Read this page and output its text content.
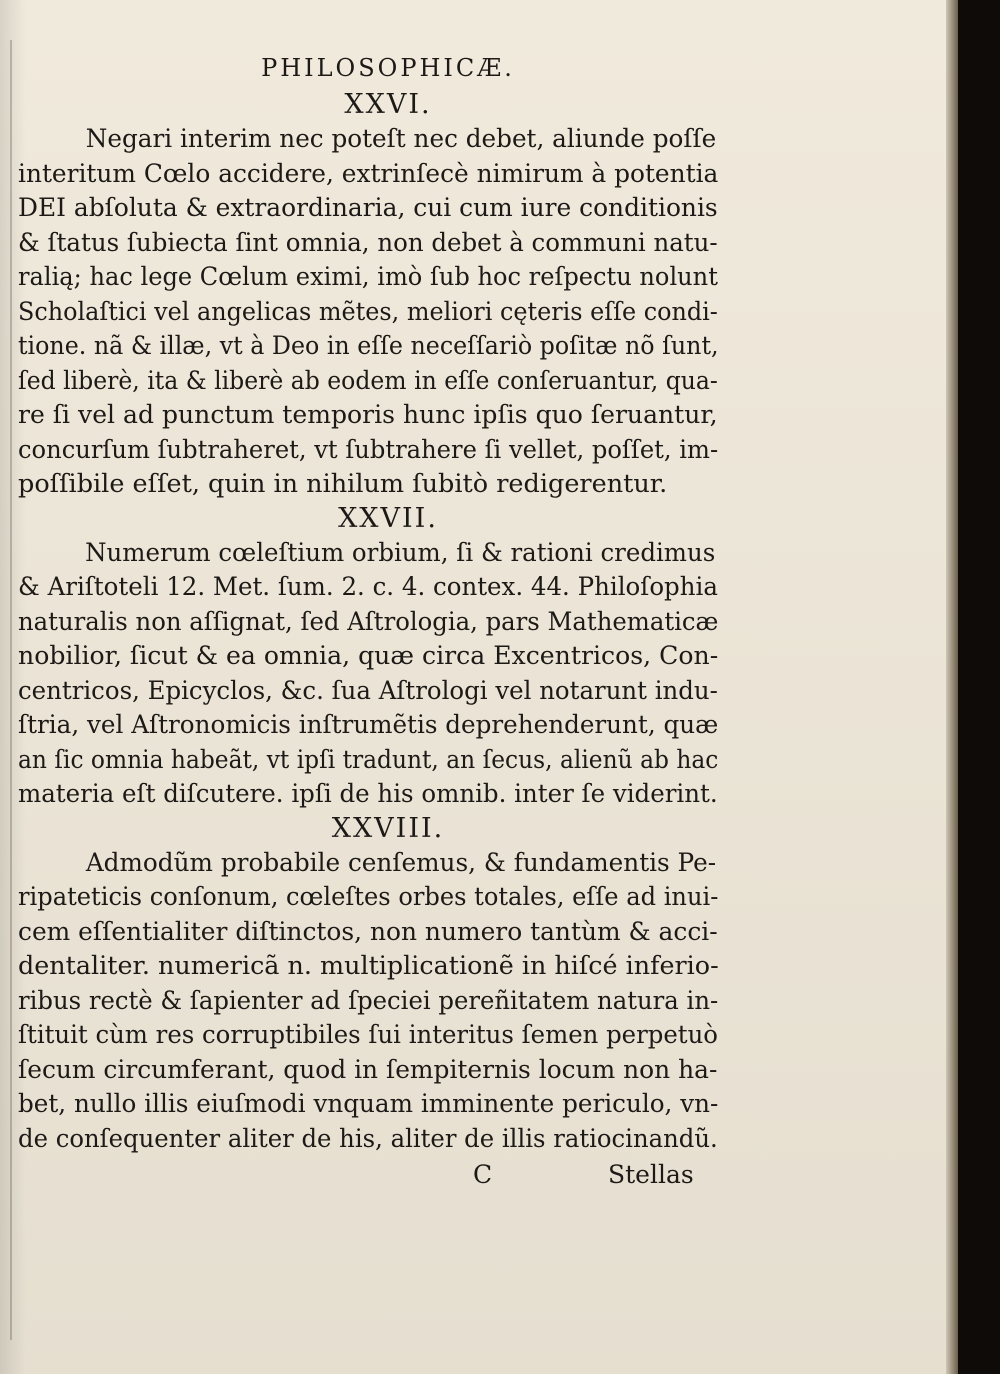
PHILOSOPHICÆ.
XXVI.
Negari interim nec poteſt nec debet, aliunde poſſe
interitum Cœlo accidere, extrinſecè nimirum à potentia
DEI abſoluta & extraordinaria, cui cum iure conditionis
& ſtatus ſubiecta ſint omnia, non debet à communi natu-
ralią; hac lege Cœlum eximi, imò ſub hoc reſpectu nolunt
Scholaſtici vel angelicas mẽtes, meliori cęteris eſſe condi-
tione. nã & illæ, vt à Deo in eſſe neceſſariò poſitæ nõ ſunt,
ſed liberè, ita & liberè ab eodem in eſſe conſeruantur, qua-
re ſi vel ad punctum temporis hunc ipſis quo ſeruantur,
concurſum ſubtraheret, vt ſubtrahere ſi vellet, poſſet, im-
poſſibile eſſet, quin in nihilum ſubitò redigerentur.
XXVII.
Numerum cœleſtium orbium, ſi & rationi credimus
& Ariſtoteli 12. Met. ſum. 2. c. 4. contex. 44. Philoſophia
naturalis non aſſignat, ſed Aſtrologia, pars Mathematicæ
nobilior, ſicut & ea omnia, quæ circa Excentricos, Con-
centricos, Epicyclos, &c. ſua Aſtrologi vel notarunt indu-
ſtria, vel Aſtronomicis inſtrumẽtis deprehenderunt, quæ
an ſic omnia habeãt, vt ipſi tradunt, an ſecus, alienũ ab hac
materia eſt diſcutere. ipſi de his omnib. inter ſe viderint.
XXVIII.
Admodũm probabile cenſemus, & fundamentis Pe-
ripateticis conſonum, cœleſtes orbes totales, eſſe ad inui-
cem eſſentialiter diſtinctos, non numero tantùm & acci-
dentaliter. numericã n. multiplicationẽ in hiſcé inferio-
ribus rectè & ſapienter ad ſpeciei pereñitatem natura in-
ſtituit cùm res corruptibiles ſui interitus ſemen perpetuò
ſecum circumferant, quod in ſempiternis locum non ha-
bet, nullo illis eiuſmodi vnquam imminente periculo, vn-
de conſequenter aliter de his, aliter de illis ratiocinandũ.
C	Stellas
